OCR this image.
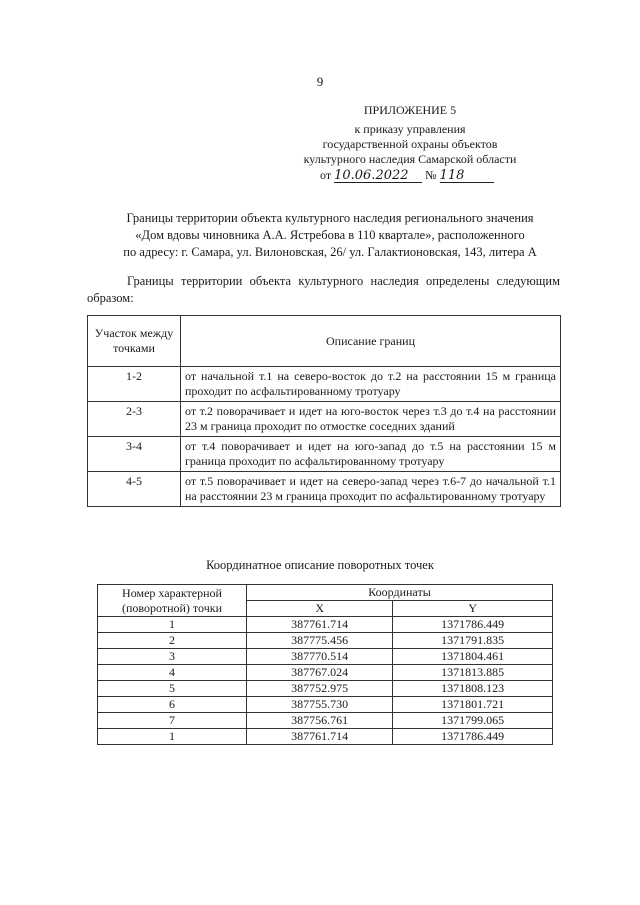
9
ПРИЛОЖЕНИЕ 5
к приказу управления
государственной охраны объектов
культурного наследия Самарской области
от 10.06.2022 № 118
Границы территории объекта культурного наследия регионального значения
«Дом вдовы чиновника А.А. Ястребова в 110 квартале», расположенного
по адресу: г. Самара, ул. Вилоновская, 26/ ул. Галактионовская, 143, литера А
Границы территории объекта культурного наследия определены следующим образом:
Участок между точками	Описание границ
1-2	от начальной т.1 на северо-восток до т.2 на расстоянии 15 м граница проходит по асфальтированному тротуару
2-3	от т.2 поворачивает и идет на юго-восток через т.3 до т.4 на расстоянии 23 м граница проходит по отмостке соседних зданий
3-4	от т.4 поворачивает и идет на юго-запад до т.5 на расстоянии 15 м граница проходит по асфальтированному тротуару
4-5	от т.5 поворачивает и идет на северо-запад через т.6-7 до начальной т.1 на расстоянии 23 м граница проходит по асфальтированному тротуару
Координатное описание поворотных точек
Номер характерной (поворотной) точки	Координаты	
	X	Y
1	387761.714	1371786.449
2	387775.456	1371791.835
3	387770.514	1371804.461
4	387767.024	1371813.885
5	387752.975	1371808.123
6	387755.730	1371801.721
7	387756.761	1371799.065
1	387761.714	1371786.449
